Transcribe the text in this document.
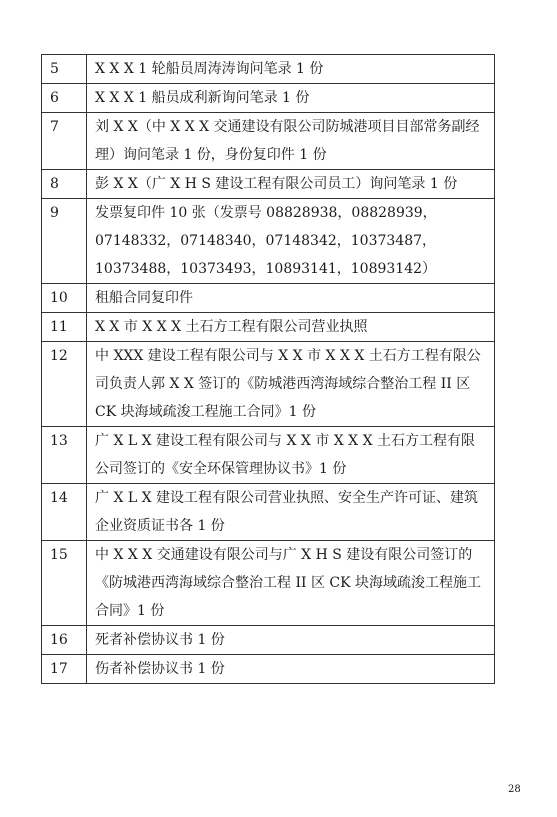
5	X X X 1 轮船员周涛涛询问笔录 1 份
6	X X X 1 船员成利新询问笔录 1 份
7	刘 X X（中 X X X 交通建设有限公司防城港项目目部常务副经理）询问笔录 1 份，身份复印件 1 份
8	彭 X X（广 X H S 建设工程有限公司员工）询问笔录 1 份
9	发票复印件 10 张（发票号 08828938，08828939，07148332，07148340，07148342，10373487，10373488，10373493，10893141，10893142）
10	租船合同复印件
11	X X 市 X X X 土石方工程有限公司营业执照
12	中 XXX 建设工程有限公司与 X X 市 X X X 土石方工程有限公司负责人郭 X X 签订的《防城港西湾海域综合整治工程 II 区 CK 块海域疏浚工程施工合同》1 份
13	广 X L X 建设工程有限公司与 X X 市 X X X 土石方工程有限公司签订的《安全环保管理协议书》1 份
14	广 X L X 建设工程有限公司营业执照、安全生产许可证、建筑企业资质证书各 1 份
15	中 X X X 交通建设有限公司与广 X H S 建设有限公司签订的《防城港西湾海域综合整治工程 II 区 CK 块海域疏浚工程施工合同》1 份
16	死者补偿协议书 1 份
17	伤者补偿协议书 1 份
28
